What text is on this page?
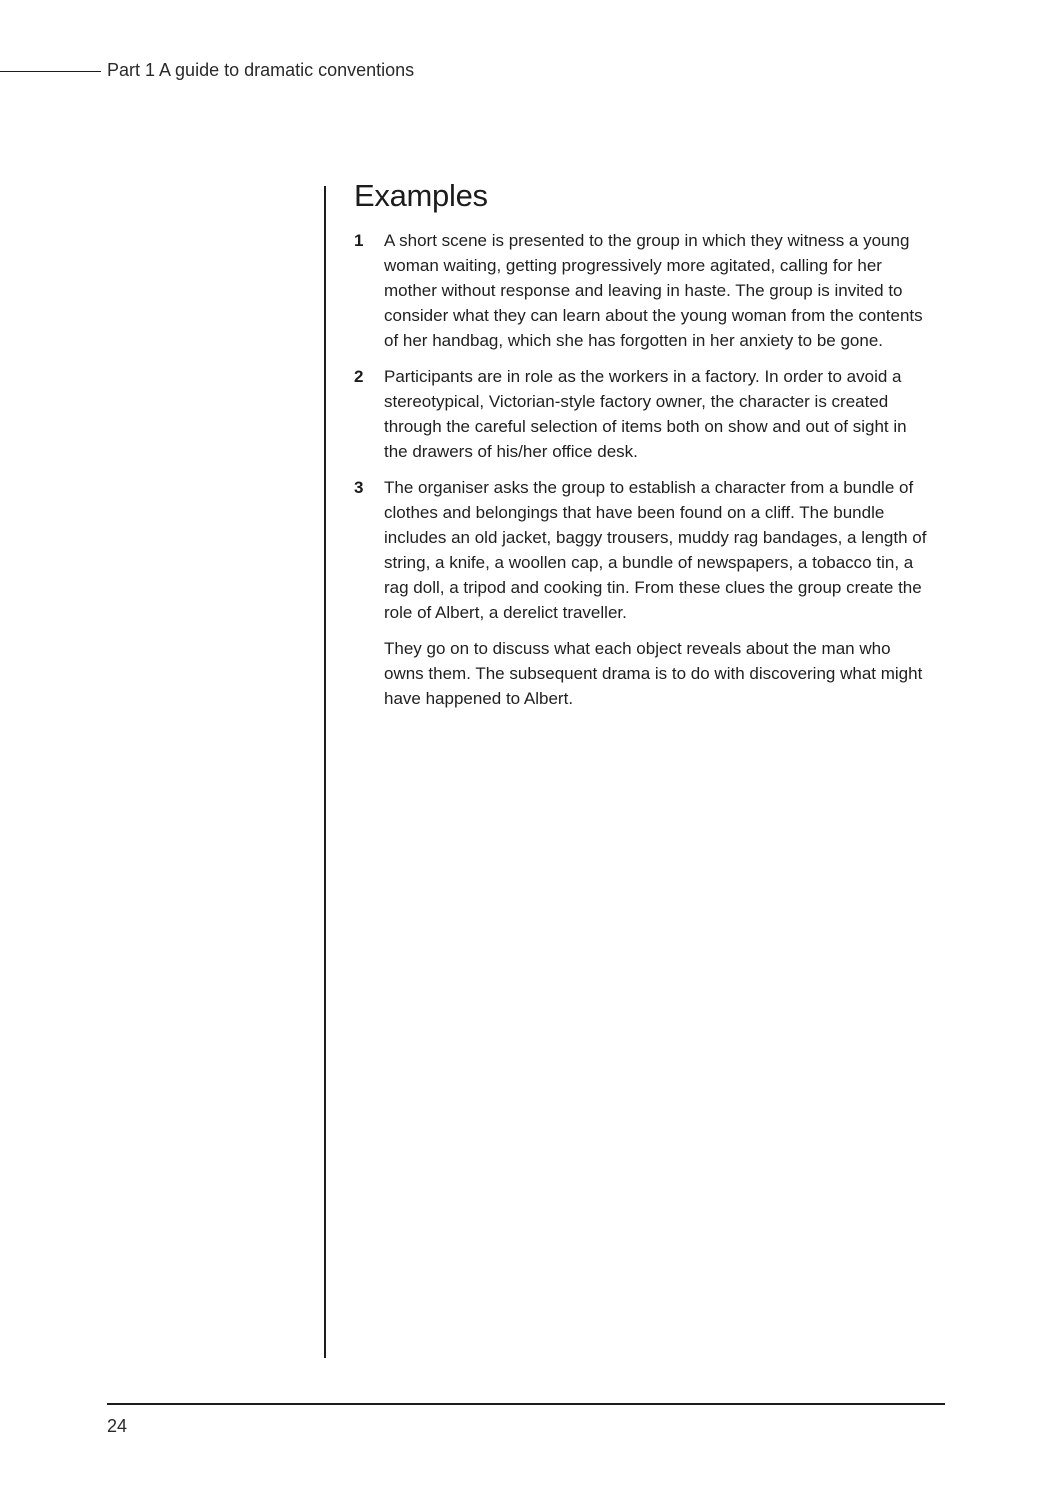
Part 1 A guide to dramatic conventions
Examples
1 A short scene is presented to the group in which they witness a young woman waiting, getting progressively more agitated, calling for her mother without response and leaving in haste. The group is invited to consider what they can learn about the young woman from the contents of her handbag, which she has forgotten in her anxiety to be gone.

2 Participants are in role as the workers in a factory. In order to avoid a stereotypical, Victorian-style factory owner, the character is created through the careful selection of items both on show and out of sight in the drawers of his/her office desk.

3 The organiser asks the group to establish a character from a bundle of clothes and belongings that have been found on a cliff. The bundle includes an old jacket, baggy trousers, muddy rag bandages, a length of string, a knife, a woollen cap, a bundle of newspapers, a tobacco tin, a rag doll, a tripod and cooking tin. From these clues the group create the role of Albert, a derelict traveller.

They go on to discuss what each object reveals about the man who owns them. The subsequent drama is to do with discovering what might have happened to Albert.

24
